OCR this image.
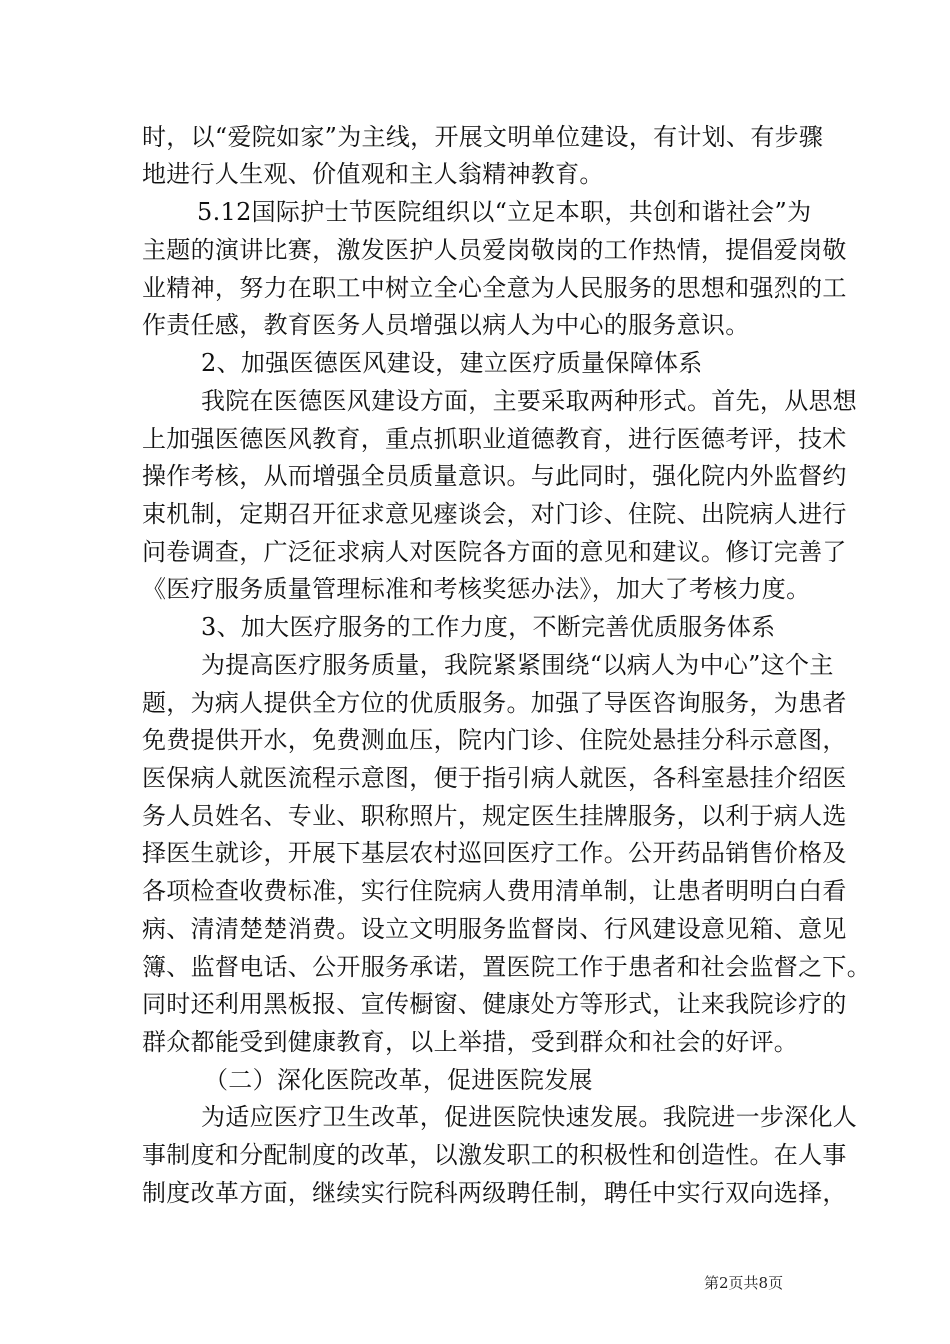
时，以“爱院如家”为主线，开展文明单位建设，有计划、有步骤
地进行人生观、价值观和主人翁精神教育。
5.12国际护士节医院组织以“立足本职，共创和谐社会”为
主题的演讲比赛，激发医护人员爱岗敬岗的工作热情，提倡爱岗敬
业精神，努力在职工中树立全心全意为人民服务的思想和强烈的工
作责任感，教育医务人员增强以病人为中心的服务意识。
2、加强医德医风建设，建立医疗质量保障体系
我院在医德医风建设方面，主要采取两种形式。首先，从思想
上加强医德医风教育，重点抓职业道德教育，进行医德考评，技术
操作考核，从而增强全员质量意识。与此同时，强化院内外监督约
束机制，定期召开征求意见瘗谈会，对门诊、住院、出院病人进行
问卷调查，广泛征求病人对医院各方面的意见和建议。修订完善了
《医疗服务质量管理标准和考核奖惩办法》，加大了考核力度。
3、加大医疗服务的工作力度，不断完善优质服务体系
为提高医疗服务质量，我院紧紧围绕“以病人为中心”这个主
题，为病人提供全方位的优质服务。加强了导医咨询服务，为患者
免费提供开水，免费测血压，院内门诊、住院处悬挂分科示意图，
医保病人就医流程示意图，便于指引病人就医，各科室悬挂介绍医
务人员姓名、专业、职称照片，规定医生挂牌服务，以利于病人选
择医生就诊，开展下基层农村巡回医疗工作。公开药品销售价格及
各项检查收费标准，实行住院病人费用清单制，让患者明明白白看
病、清清楚楚消费。设立文明服务监督岗、行风建设意见箱、意见
簿、监督电话、公开服务承诺，置医院工作于患者和社会监督之下。
同时还利用黑板报、宣传橱窗、健康处方等形式，让来我院诊疗的
群众都能受到健康教育，以上举措，受到群众和社会的好评。
（二）深化医院改革，促进医院发展
为适应医疗卫生改革，促进医院快速发展。我院进一步深化人
事制度和分配制度的改革，以激发职工的积极性和创造性。在人事
制度改革方面，继续实行院科两级聘任制，聘任中实行双向选择，
第2页共8页
